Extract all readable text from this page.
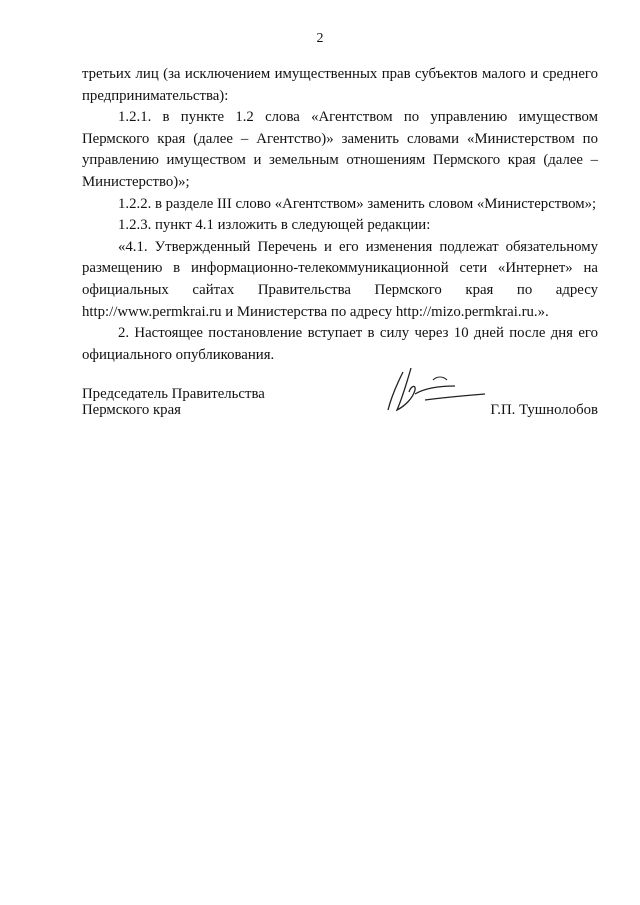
2

третьих лиц (за исключением имущественных прав субъектов малого и среднего предпринимательства):

1.2.1. в пункте 1.2 слова «Агентством по управлению имуществом Пермского края (далее – Агентство)» заменить словами «Министерством по управлению имуществом и земельным отношениям Пермского края (далее – Министерство)»;

1.2.2. в разделе III слово «Агентством» заменить словом «Министерством»;

1.2.3. пункт 4.1 изложить в следующей редакции:

«4.1. Утвержденный Перечень и его изменения подлежат обязательному размещению в информационно-телекоммуникационной сети «Интернет» на официальных сайтах Правительства Пермского края по адресу http://www.permkrai.ru и Министерства по адресу http://mizo.permkrai.ru.».

2. Настоящее постановление вступает в силу через 10 дней после дня его официального опубликования.

Председатель Правительства
Пермского края	Г.П. Тушнолобов
